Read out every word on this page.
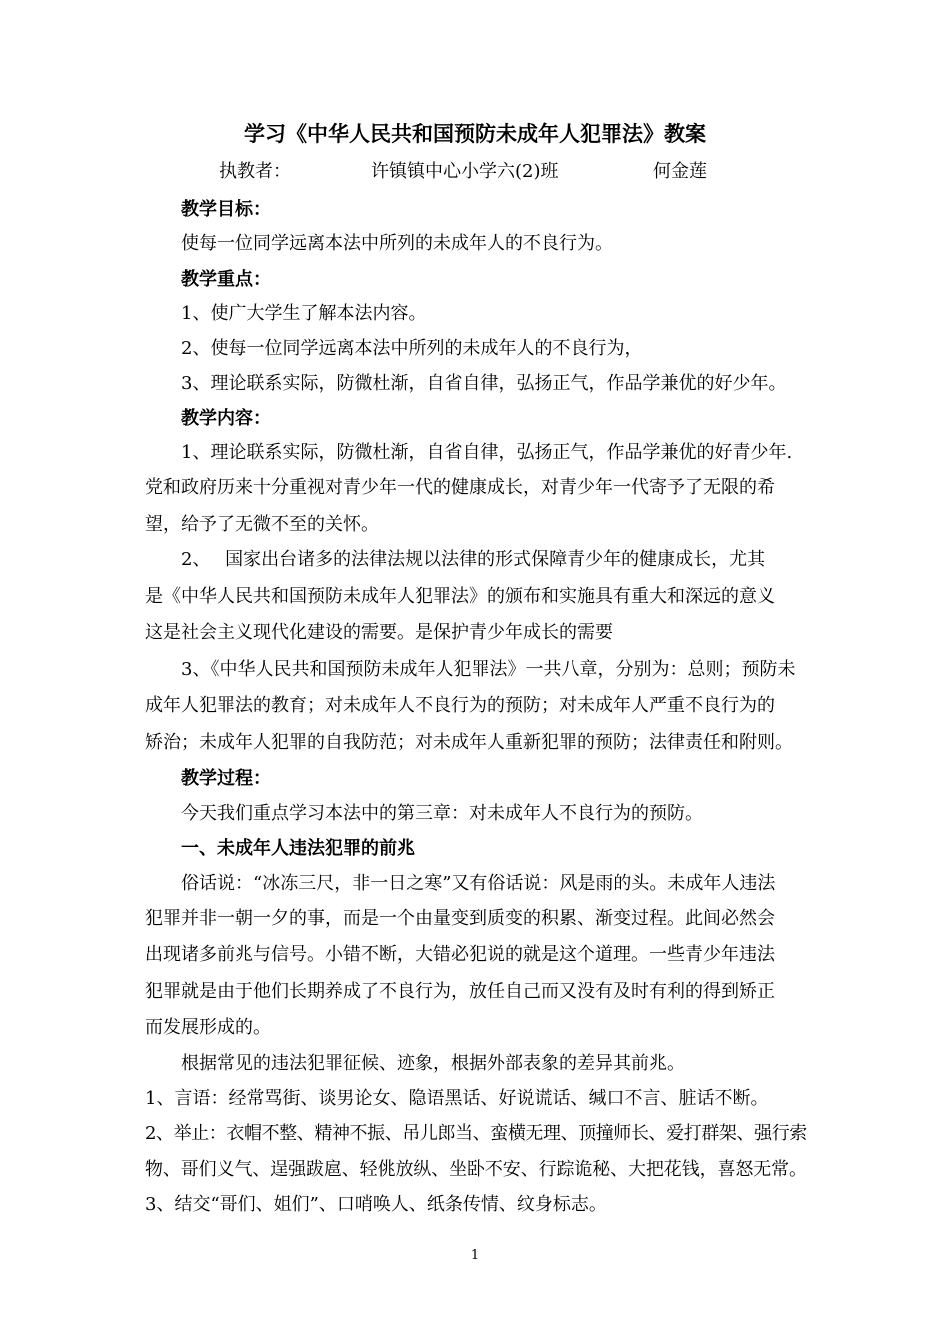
学习《中华人民共和国预防未成年人犯罪法》教案
执教者：	许镇镇中心小学六(2)班	何金莲
教学目标：
使每一位同学远离本法中所列的未成年人的不良行为。
教学重点：
1、使广大学生了解本法内容。
2、使每一位同学远离本法中所列的未成年人的不良行为，
3、理论联系实际，防微杜渐，自省自律，弘扬正气，作品学兼优的好少年。
教学内容：
1、理论联系实际，防微杜渐，自省自律，弘扬正气，作品学兼优的好青少年.
党和政府历来十分重视对青少年一代的健康成长，对青少年一代寄予了无限的希
望，给予了无微不至的关怀。
2、　 国家出台诸多的法律法规以法律的形式保障青少年的健康成长，尤其
是《中华人民共和国预防未成年人犯罪法》的颁布和实施具有重大和深远的意义
这是社会主义现代化建设的需要。是保护青少年成长的需要
3、《中华人民共和国预防未成年人犯罪法》一共八章，分别为：总则；预防未
成年人犯罪法的教育；对未成年人不良行为的预防；对未成年人严重不良行为的
矫治；未成年人犯罪的自我防范；对未成年人重新犯罪的预防；法律责任和附则。
教学过程：
今天我们重点学习本法中的第三章：对未成年人不良行为的预防。
一、未成年人违法犯罪的前兆
俗话说：“冰冻三尺，非一日之寒”又有俗话说：风是雨的头。未成年人违法
犯罪并非一朝一夕的事，而是一个由量变到质变的积累、渐变过程。此间必然会
出现诸多前兆与信号。小错不断，大错必犯说的就是这个道理。一些青少年违法
犯罪就是由于他们长期养成了不良行为，放任自己而又没有及时有利的得到矫正
而发展形成的。
根据常见的违法犯罪征候、迹象，根据外部表象的差异其前兆。
1、言语：经常骂街、谈男论女、隐语黑话、好说谎话、缄口不言、脏话不断。
2、举止：衣帽不整、精神不振、吊儿郎当、蛮横无理、顶撞师长、爱打群架、强行索
物、哥们义气、逞强跋扈、轻佻放纵、坐卧不安、行踪诡秘、大把花钱，喜怒无常。
3、结交“哥们、姐们”、口哨唤人、纸条传情、纹身标志。
1
